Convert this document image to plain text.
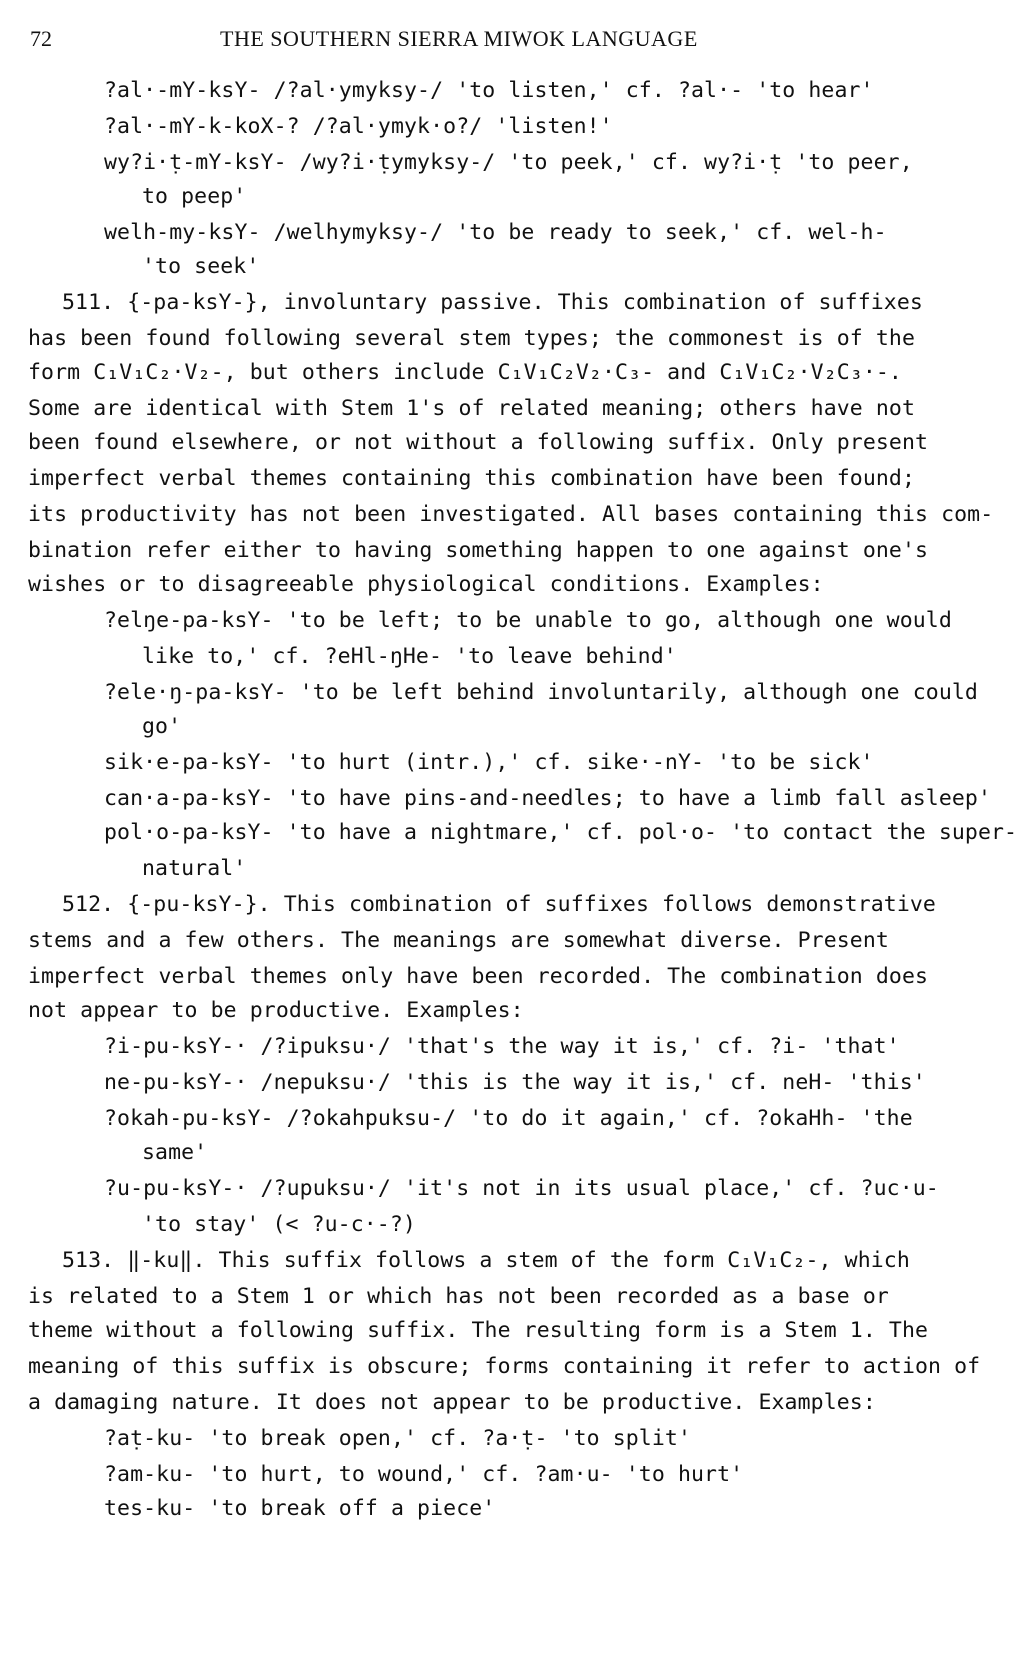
72	THE SOUTHERN SIERRA MIWOK LANGUAGE
?al·-mY-ksY- /?al·ymyksy-/ 'to listen,' cf. ?al·- 'to hear'
?al·-mY-k-koX-? /?al·ymyk·o?/ 'listen!'
wy?i·ṭ-mY-ksY- /wy?i·ṭymyksy-/ 'to peek,' cf. wy?i·ṭ 'to peer,
to peep'
welh-my-ksY- /welhymyksy-/ 'to be ready to seek,' cf. wel-h-
'to seek'
511. {-pa-ksY-}, involuntary passive. This combination of suffixes
has been found following several stem types; the commonest is of the
form C₁V₁C₂·V₂-, but others include C₁V₁C₂V₂·C₃- and C₁V₁C₂·V₂C₃·-.
Some are identical with Stem 1's of related meaning; others have not
been found elsewhere, or not without a following suffix. Only present
imperfect verbal themes containing this combination have been found;
its productivity has not been investigated. All bases containing this com-
bination refer either to having something happen to one against one's
wishes or to disagreeable physiological conditions. Examples:
?elŋe-pa-ksY- 'to be left; to be unable to go, although one would
like to,' cf. ?eHl-ŋHe- 'to leave behind'
?ele·ŋ-pa-ksY- 'to be left behind involuntarily, although one could
go'
sik·e-pa-ksY- 'to hurt (intr.),' cf. sike·-nY- 'to be sick'
can·a-pa-ksY- 'to have pins-and-needles; to have a limb fall asleep'
pol·o-pa-ksY- 'to have a nightmare,' cf. pol·o- 'to contact the super-
natural'
512. {-pu-ksY-}. This combination of suffixes follows demonstrative
stems and a few others. The meanings are somewhat diverse. Present
imperfect verbal themes only have been recorded. The combination does
not appear to be productive. Examples:
?i-pu-ksY-· /?ipuksu·/ 'that's the way it is,' cf. ?i- 'that'
ne-pu-ksY-· /nepuksu·/ 'this is the way it is,' cf. neH- 'this'
?okah-pu-ksY- /?okahpuksu-/ 'to do it again,' cf. ?okaHh- 'the
same'
?u-pu-ksY-· /?upuksu·/ 'it's not in its usual place,' cf. ?uc·u-
'to stay' (< ?u-c·-?)
513. ‖-ku‖. This suffix follows a stem of the form C₁V₁C₂-, which
is related to a Stem 1 or which has not been recorded as a base or
theme without a following suffix. The resulting form is a Stem 1. The
meaning of this suffix is obscure; forms containing it refer to action of
a damaging nature. It does not appear to be productive. Examples:
?aṭ-ku- 'to break open,' cf. ?a·ṭ- 'to split'
?am-ku- 'to hurt, to wound,' cf. ?am·u- 'to hurt'
tes-ku- 'to break off a piece'
